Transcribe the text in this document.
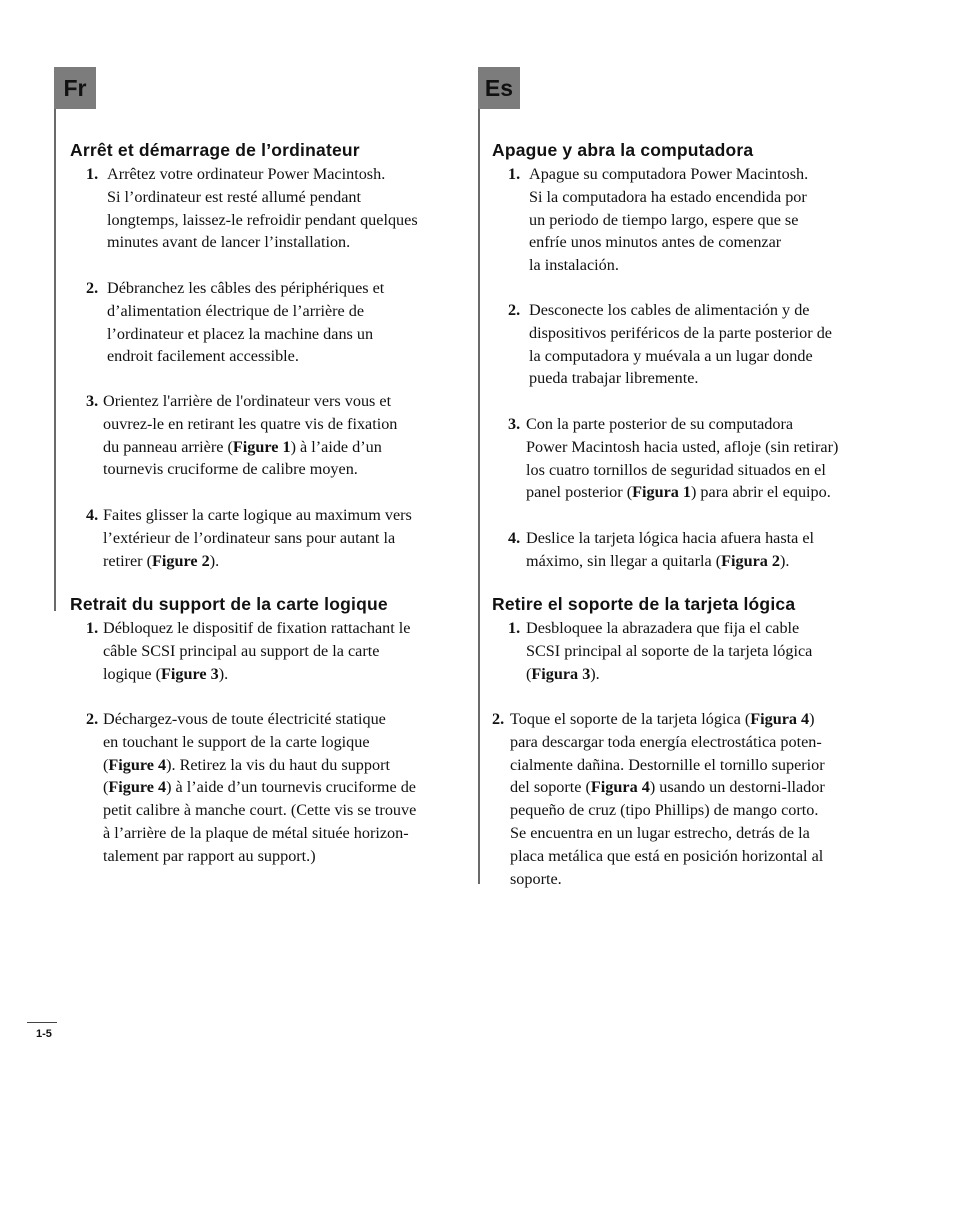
Fr
Arrêt et démarrage de l’ordinateur
1. Arrêtez votre ordinateur Power Macintosh.
Si l’ordinateur est resté allumé pendant
longtemps, laissez-le refroidir pendant quelques
minutes avant de lancer l’installation.
2. Débranchez les câbles des périphériques et
d’alimentation électrique de l’arrière de
l’ordinateur et placez la machine dans un
endroit facilement accessible.
3. Orientez l'arrière de l'ordinateur vers vous et
ouvrez-le en retirant les quatre vis de fixation
du panneau arrière (Figure 1) à l’aide d’un
tournevis cruciforme de calibre moyen.
4. Faites glisser la carte logique au maximum vers
l’extérieur de l’ordinateur sans pour autant la
retirer (Figure 2).
Retrait du support de la carte logique
1. Débloquez le dispositif de fixation rattachant le
câble SCSI principal au support de la carte
logique (Figure 3).
2. Déchargez-vous de toute électricité statique
en touchant le support de la carte logique
(Figure 4). Retirez la vis du haut du support
(Figure 4) à l’aide d’un tournevis cruciforme de
petit calibre à manche court. (Cette vis se trouve
à l’arrière de la plaque de métal située horizon-
talement par rapport au support.)
Es
Apague y abra la computadora
1. Apague su computadora Power Macintosh.
Si la computadora ha estado encendida por
un periodo de tiempo largo, espere que se
enfríe unos minutos antes de comenzar
la instalación.
2. Desconecte los cables de alimentación y de
dispositivos periféricos de la parte posterior de
la computadora y muévala a un lugar donde
pueda trabajar libremente.
3. Con la parte posterior de su computadora
Power Macintosh hacia usted, afloje (sin retirar)
los cuatro tornillos de seguridad situados en el
panel posterior (Figura 1) para abrir el equipo.
4. Deslice la tarjeta lógica hacia afuera hasta el
máximo, sin llegar a quitarla (Figura 2).
Retire el soporte de la tarjeta lógica
1. Desbloquee la abrazadera que fija el cable
SCSI principal al soporte de la tarjeta lógica
(Figura 3).
2. Toque el soporte de la tarjeta lógica (Figura 4)
para descargar toda energía electrostática poten-
cialmente dañina. Destornille el tornillo superior
del soporte (Figura 4) usando un destorni-llador
pequeño de cruz (tipo Phillips) de mango corto.
Se encuentra en un lugar estrecho, detrás de la
placa metálica que está en posición horizontal al
soporte.
1-5
